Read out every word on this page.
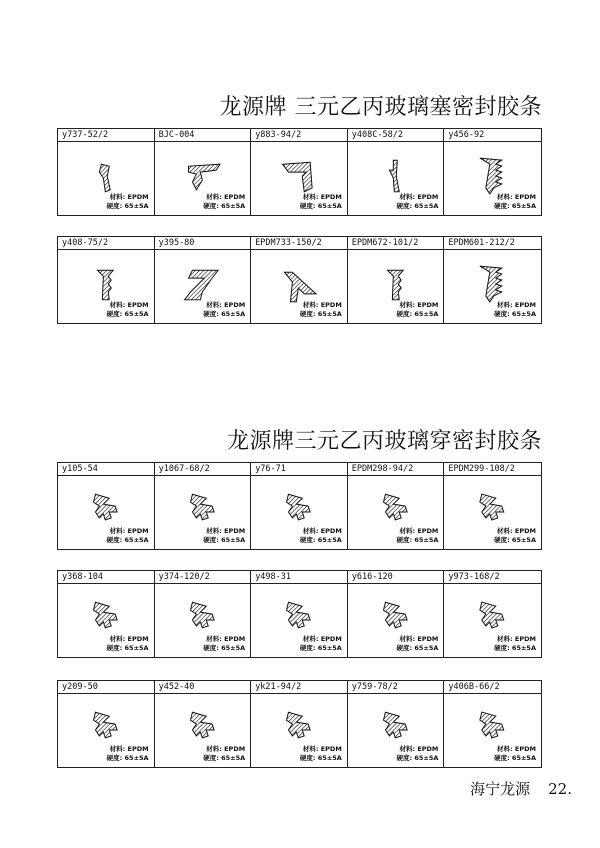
龙源牌 三元乙丙玻璃塞密封胶条
y737-52/2
材料: EPDM
硬度: 65±5A
BJC-004
材料: EPDM
硬度: 65±5A
y883-94/2
材料: EPDM
硬度: 65±5A
y408C-58/2
材料: EPDM
硬度: 65±5A
y456-92
材料: EPDM
硬度: 65±5A
y408-75/2
材料: EPDM
硬度: 65±5A
y395-80
材料: EPDM
硬度: 65±5A
EPDM733-150/2
材料: EPDM
硬度: 65±5A
EPDM672-101/2
材料: EPDM
硬度: 65±5A
EPDM601-212/2
材料: EPDM
硬度: 65±5A
龙源牌三元乙丙玻璃穿密封胶条
y105-54
材料: EPDM
硬度: 65±5A
y1067-68/2
材料: EPDM
硬度: 65±5A
y76-71
材料: EPDM
硬度: 65±5A
EPDM298-94/2
材料: EPDM
硬度: 65±5A
EPDM299-108/2
材料: EPDM
硬度: 65±5A
y368-104
材料: EPDM
硬度: 65±5A
y374-120/2
材料: EPDM
硬度: 65±5A
y498-31
材料: EPDM
硬度: 65±5A
y616-120
材料: EPDM
硬度: 65±5A
y973-168/2
材料: EPDM
硬度: 65±5A
y209-50
材料: EPDM
硬度: 65±5A
y452-40
材料: EPDM
硬度: 65±5A
yk21-94/2
材料: EPDM
硬度: 65±5A
y759-78/2
材料: EPDM
硬度: 65±5A
y406B-66/2
材料: EPDM
硬度: 65±5A
海宁龙源 22.
